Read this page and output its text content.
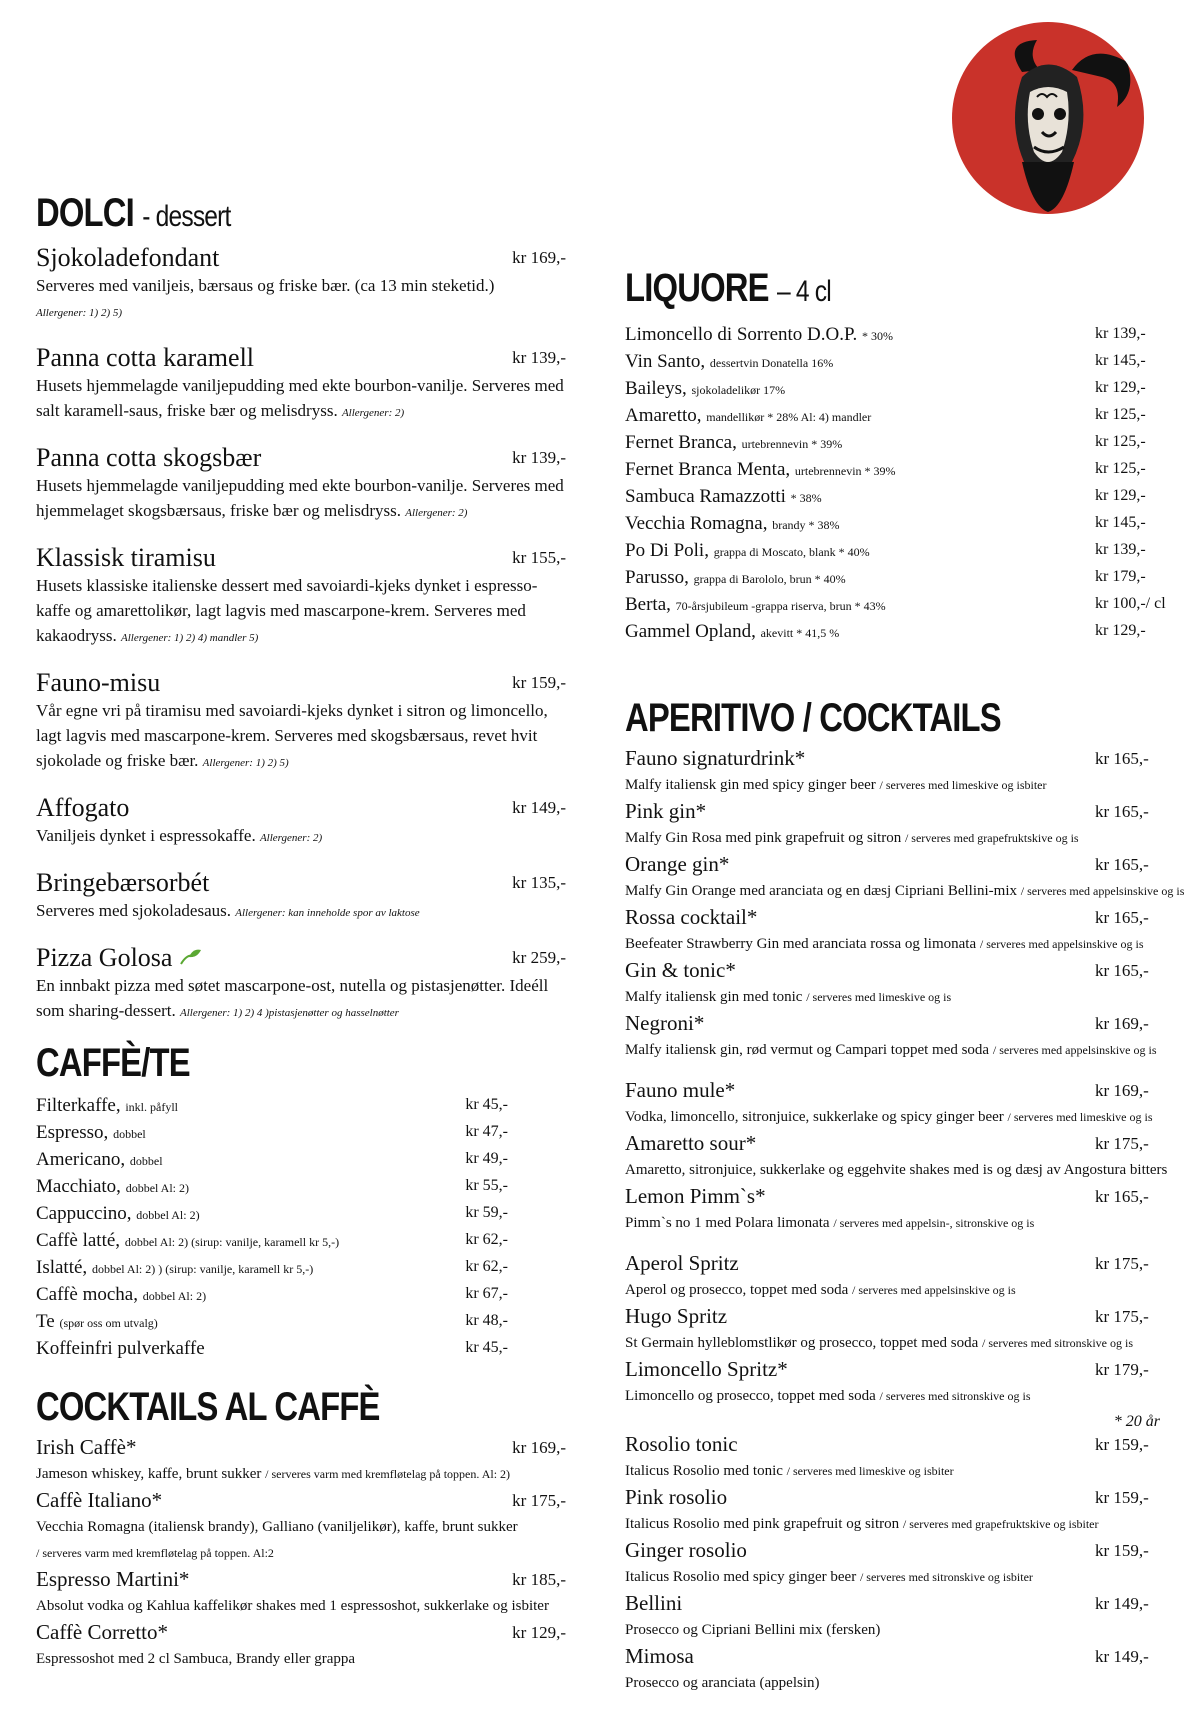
DOLCI - dessert
Sjokoladefondant	kr 169,-
Serveres med vaniljeis, bærsaus og friske bær. (ca 13 min steketid.)
Allergener: 1) 2) 5)
Panna cotta karamell	kr 139,-
Husets hjemmelagde vaniljepudding med ekte bourbon-vanilje. Serveres med salt karamell-saus, friske bær og melisdryss. Allergener: 2)
Panna cotta skogsbær	kr 139,-
Husets hjemmelagde vaniljepudding med ekte bourbon-vanilje. Serveres med hjemmelaget skogsbærsaus, friske bær og melisdryss. Allergener: 2)
Klassisk tiramisu	kr 155,-
Husets klassiske italienske dessert med savoiardi-kjeks dynket i espresso-kaffe og amarettolikør, lagt lagvis med mascarpone-krem. Serveres med kakaodryss. Allergener: 1) 2) 4) mandler 5)
Fauno-misu	kr 159,-
Vår egne vri på tiramisu med savoiardi-kjeks dynket i sitron og limoncello, lagt lagvis med mascarpone-krem. Serveres med skogsbærsaus, revet hvit sjokolade og friske bær. Allergener: 1) 2) 5)
Affogato	kr 149,-
Vaniljeis dynket i espressokaffe. Allergener: 2)
Bringebærsorbét	kr 135,-
Serveres med sjokoladesaus. Allergener: kan inneholde spor av laktose
Pizza Golosa	kr 259,-
En innbakt pizza med søtet mascarpone-ost, nutella og pistasjenøtter. Ideéll som sharing-dessert. Allergener: 1) 2) 4 )pistasjenøtter og hasselnøtter
CAFFÈ/TE
Filterkaffe, inkl. påfyll	kr 45,-
Espresso, dobbel	kr 47,-
Americano, dobbel	kr 49,-
Macchiato, dobbel Al: 2)	kr 55,-
Cappuccino, dobbel Al: 2)	kr 59,-
Caffè latté, dobbel Al: 2) (sirup: vanilje, karamell kr 5,-)	kr 62,-
Islatté, dobbel Al: 2) ) (sirup: vanilje, karamell kr 5,-)	kr 62,-
Caffè mocha, dobbel Al: 2)	kr 67,-
Te (spør oss om utvalg)	kr 48,-
Koffeinfri pulverkaffe	kr 45,-
COCKTAILS AL CAFFÈ
Irish Caffè*	kr 169,-
Jameson whiskey, kaffe, brunt sukker / serveres varm med kremfløtelag på toppen. Al: 2)
Caffè Italiano*	kr 175,-
Vecchia Romagna (italiensk brandy), Galliano (vaniljelikør), kaffe, brunt sukker
/ serveres varm med kremfløtelag på toppen. Al:2
Espresso Martini*	kr 185,-
Absolut vodka og Kahlua kaffelikør shakes med 1 espressoshot, sukkerlake og isbiter
Caffè Corretto*	kr 129,-
Espressoshot med 2 cl Sambuca, Brandy eller grappa
LIQUORE – 4 cl
Limoncello di Sorrento D.O.P. * 30%	kr 139,-
Vin Santo, dessertvin Donatella 16%	kr 145,-
Baileys, sjokoladelikør 17%	kr 129,-
Amaretto, mandellikør * 28% Al: 4) mandler	kr 125,-
Fernet Branca, urtebrennevin * 39%	kr 125,-
Fernet Branca Menta, urtebrennevin * 39%	kr 125,-
Sambuca Ramazzotti * 38%	kr 129,-
Vecchia Romagna, brandy * 38%	kr 145,-
Po Di Poli, grappa di Moscato, blank * 40%	kr 139,-
Parusso, grappa di Barololo, brun * 40%	kr 179,-
Berta, 70-årsjubileum -grappa riserva, brun * 43%	kr 100,-/ cl
Gammel Opland, akevitt * 41,5 %	kr 129,-
APERITIVO / COCKTAILS
Fauno signaturdrink*	kr 165,-
Malfy italiensk gin med spicy ginger beer / serveres med limeskive og isbiter
Pink gin*	kr 165,-
Malfy Gin Rosa med pink grapefruit og sitron / serveres med grapefruktskive og is
Orange gin*	kr 165,-
Malfy Gin Orange med aranciata og en dæsj Cipriani Bellini-mix / serveres med appelsinskive og is
Rossa cocktail*	kr 165,-
Beefeater Strawberry Gin med aranciata rossa og limonata / serveres med appelsinskive og is
Gin & tonic*	kr 165,-
Malfy italiensk gin med tonic / serveres med limeskive og is
Negroni*	kr 169,-
Malfy italiensk gin, rød vermut og Campari toppet med soda / serveres med appelsinskive og is
Fauno mule*	kr 169,-
Vodka, limoncello, sitronjuice, sukkerlake og spicy ginger beer / serveres med limeskive og is
Amaretto sour*	kr 175,-
Amaretto, sitronjuice, sukkerlake og eggehvite shakes med is og dæsj av Angostura bitters
Lemon Pimm`s*	kr 165,-
Pimm`s no 1 med Polara limonata / serveres med appelsin-, sitronskive og is
Aperol Spritz	kr 175,-
Aperol og prosecco, toppet med soda / serveres med appelsinskive og is
Hugo Spritz	kr 175,-
St Germain hylleblomstlikør og prosecco, toppet med soda / serveres med sitronskive og is
Limoncello Spritz*	kr 179,-
Limoncello og prosecco, toppet med soda / serveres med sitronskive og is
* 20 år
Rosolio tonic	kr 159,-
Italicus Rosolio med tonic / serveres med limeskive og isbiter
Pink rosolio	kr 159,-
Italicus Rosolio med pink grapefruit og sitron / serveres med grapefruktskive og isbiter
Ginger rosolio	kr 159,-
Italicus Rosolio med spicy ginger beer / serveres med sitronskive og isbiter
Bellini	kr 149,-
Prosecco og Cipriani Bellini mix (fersken)
Mimosa	kr 149,-
Prosecco og aranciata (appelsin)
